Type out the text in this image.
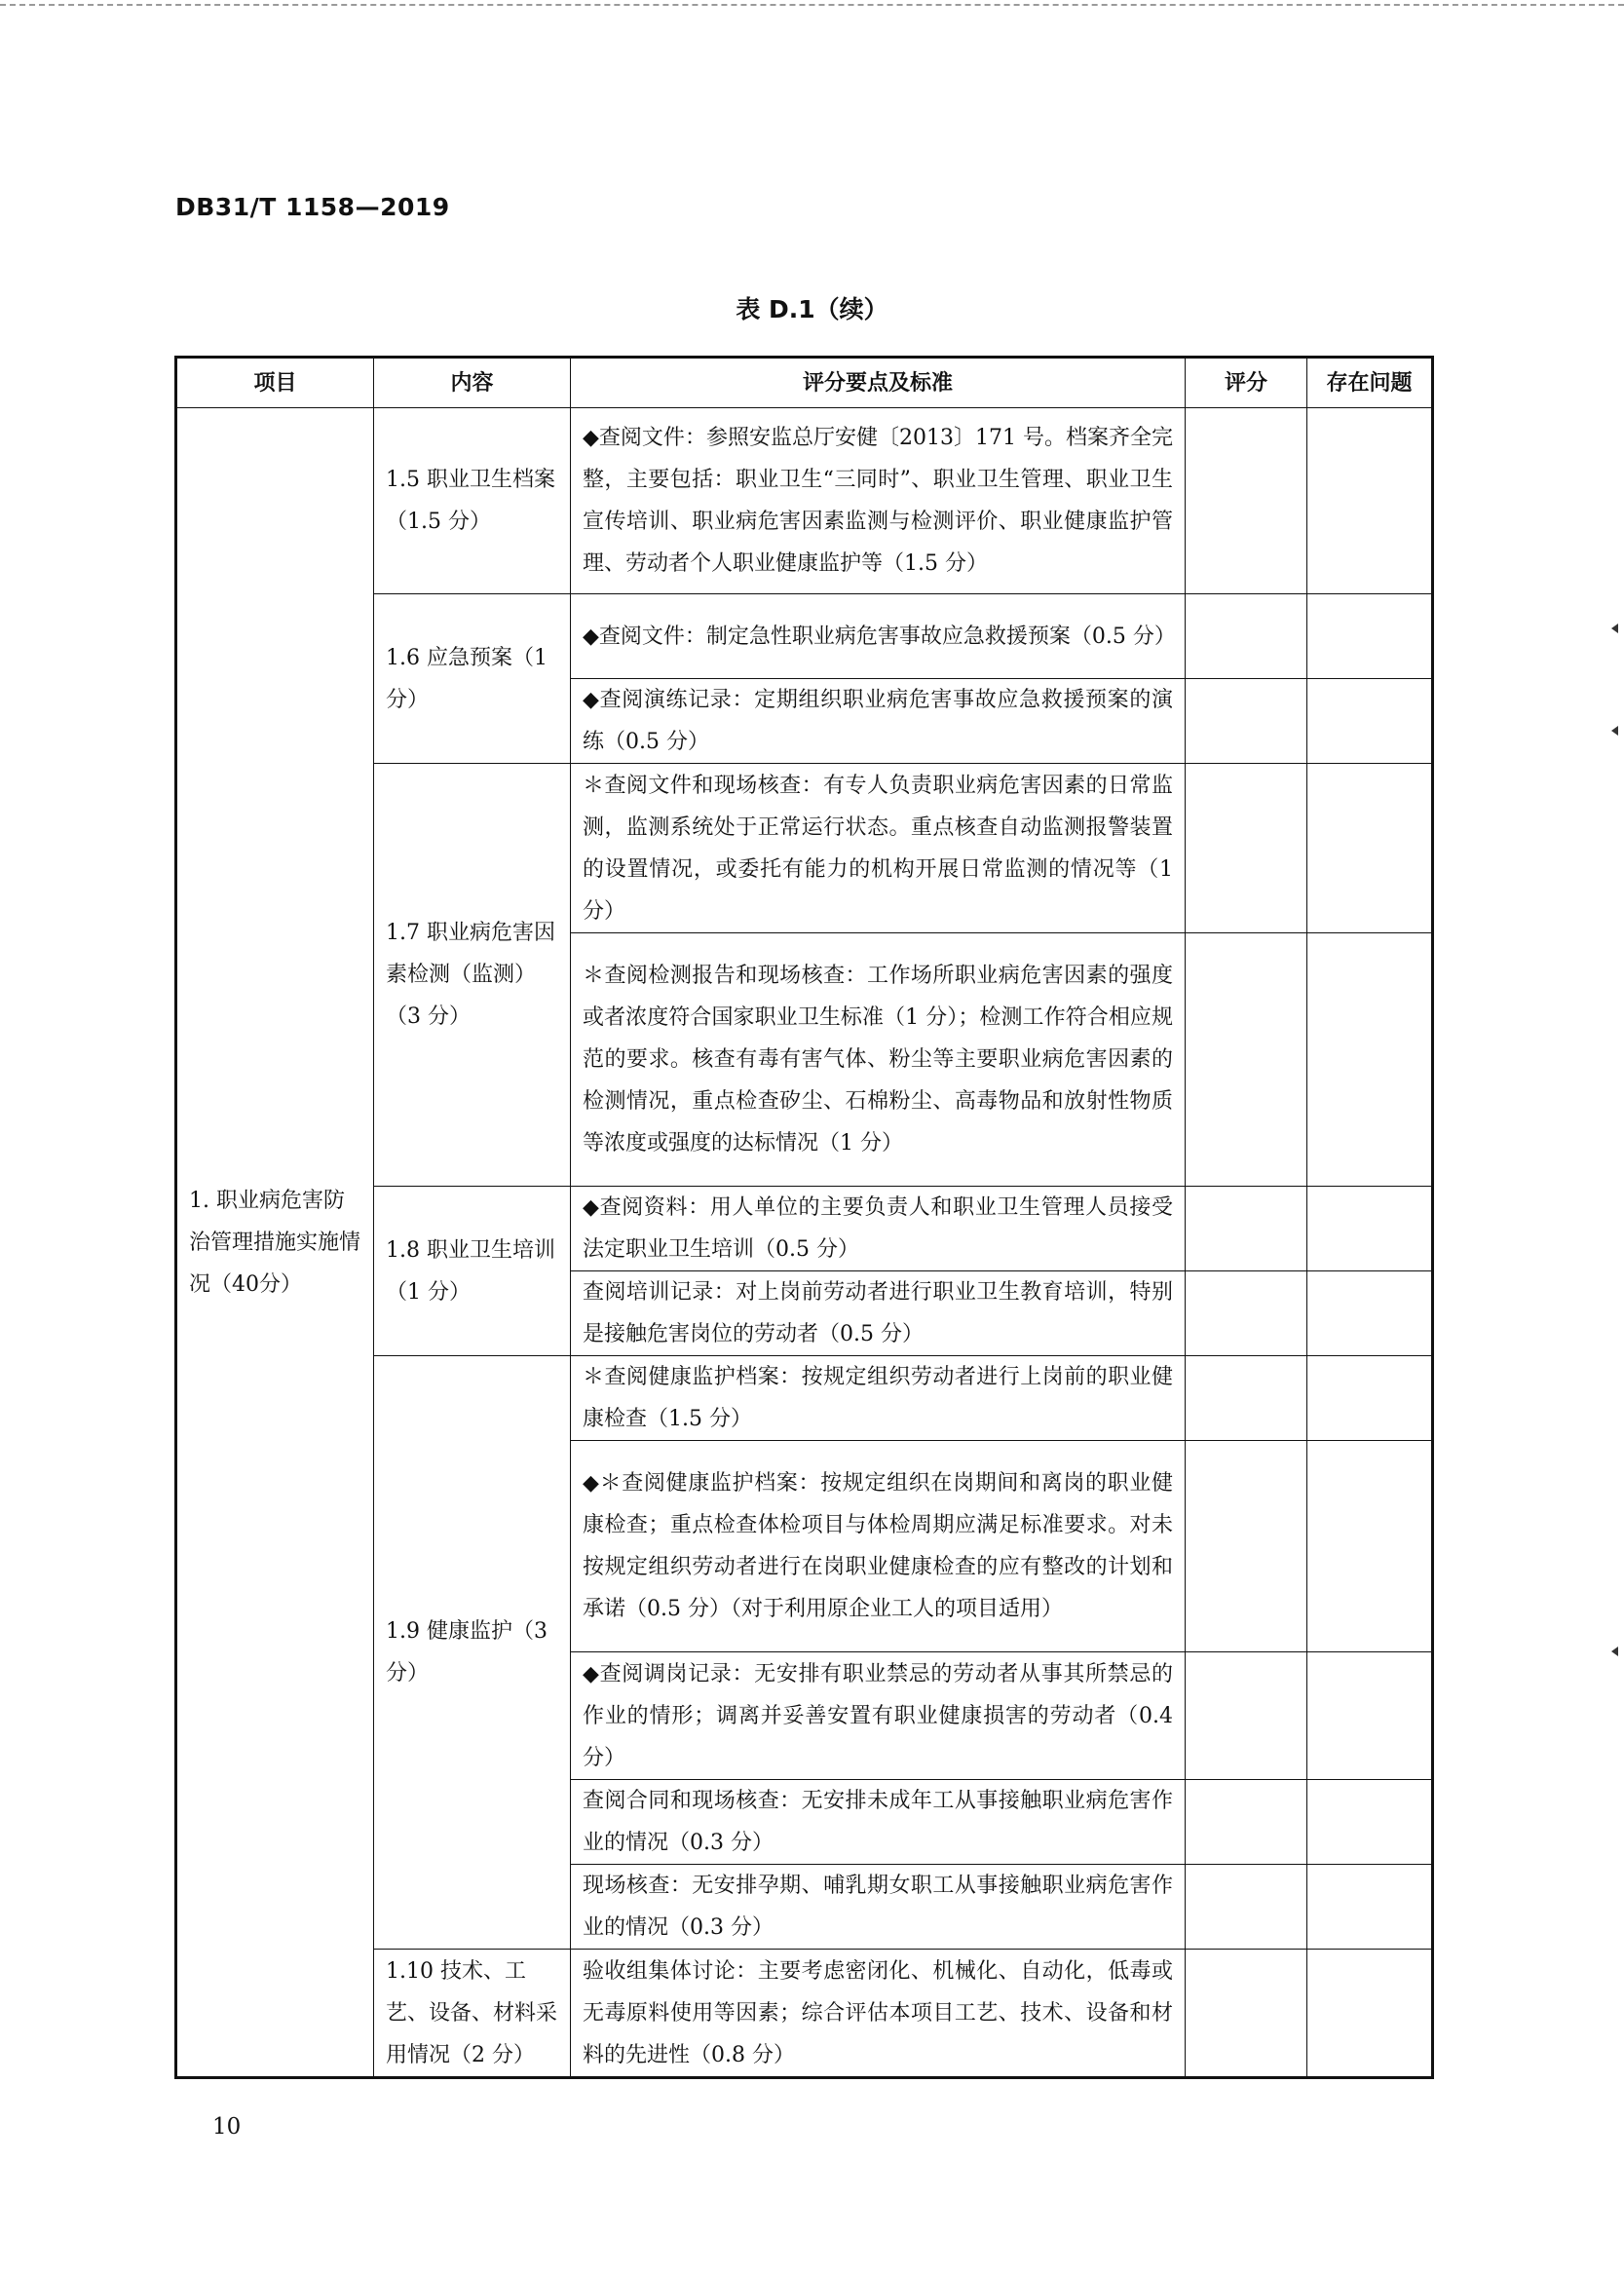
DB31/T 1158—2019
表 D.1（续）
项目	内容	评分要点及标准	评分	存在问题
1. 职业病危害防治管理措施实施情况（40分）	1.5 职业卫生档案（1.5 分）	◆查阅文件：参照安监总厅安健〔2013〕171 号。档案齐全完整，主要包括：职业卫生“三同时”、职业卫生管理、职业卫生宣传培训、职业病危害因素监测与检测评价、职业健康监护管理、劳动者个人职业健康监护等（1.5 分）		
	1.6 应急预案（1 分）	◆查阅文件：制定急性职业病危害事故应急救援预案（0.5 分）		
		◆查阅演练记录：定期组织职业病危害事故应急救援预案的演练（0.5 分）		
	1.7 职业病危害因素检测（监测）（3 分）	＊查阅文件和现场核查：有专人负责职业病危害因素的日常监测，监测系统处于正常运行状态。重点核查自动监测报警装置的设置情况，或委托有能力的机构开展日常监测的情况等（1 分）		
		＊查阅检测报告和现场核查：工作场所职业病危害因素的强度或者浓度符合国家职业卫生标准（1 分）；检测工作符合相应规范的要求。核查有毒有害气体、粉尘等主要职业病危害因素的检测情况，重点检查矽尘、石棉粉尘、高毒物品和放射性物质等浓度或强度的达标情况（1 分）		
	1.8 职业卫生培训（1 分）	◆查阅资料：用人单位的主要负责人和职业卫生管理人员接受法定职业卫生培训（0.5 分）		
		查阅培训记录：对上岗前劳动者进行职业卫生教育培训，特别是接触危害岗位的劳动者（0.5 分）		
	1.9 健康监护（3 分）	＊查阅健康监护档案：按规定组织劳动者进行上岗前的职业健康检查（1.5 分）		
		◆＊查阅健康监护档案：按规定组织在岗期间和离岗的职业健康检查；重点检查体检项目与体检周期应满足标准要求。对未按规定组织劳动者进行在岗职业健康检查的应有整改的计划和承诺（0.5 分）（对于利用原企业工人的项目适用）		
		◆查阅调岗记录：无安排有职业禁忌的劳动者从事其所禁忌的作业的情形；调离并妥善安置有职业健康损害的劳动者（0.4 分）		
		查阅合同和现场核查：无安排未成年工从事接触职业病危害作业的情况（0.3 分）		
		现场核查：无安排孕期、哺乳期女职工从事接触职业病危害作业的情况（0.3 分）		
	1.10 技术、工艺、设备、材料采用情况（2 分）	验收组集体讨论：主要考虑密闭化、机械化、自动化，低毒或无毒原料使用等因素；综合评估本项目工艺、技术、设备和材料的先进性（0.8 分）		
10
